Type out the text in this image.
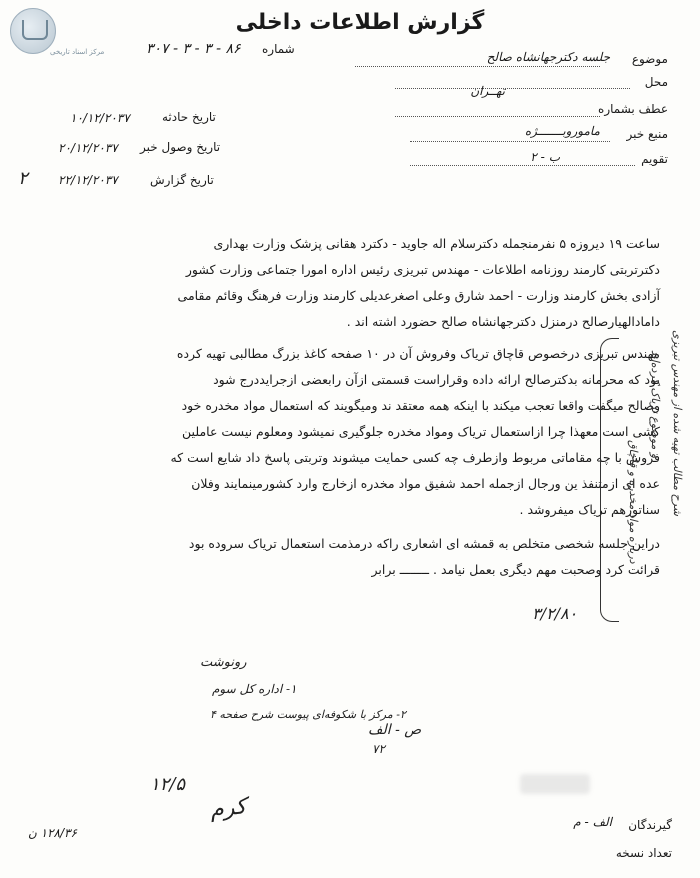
مرکز اسناد تاریخی
گزارش اطلاعات داخلی
شماره
۳۰۷ - ۳ - ۳ - ۸۶
موضوع
جلسه دکترجهانشاه صالح
محل
تهــران
عطف بشماره
منبع خبر
ماموروبـــــــژه
تقویم
ب - ۲
تاریخ حادثه
۱۰/۱۲/۲۰۳۷
تاریخ وصول خبر
۲۰/۱۲/۲۰۳۷
تاریخ گزارش
۲۲/۱۲/۲۰۳۷
۲
ساعت ۱۹ دیروزه ۵ نفرمنجمله دکترسلام اله جاوید - دکترد هقانی پزشک وزارت بهداری
دکترتربتی کارمند روزنامه اطلاعات - مهندس تبریزی رئیس اداره امورا جتماعی وزارت کشور
آزادی بخش کارمند وزارت - احمد شارق وعلی اصغرعدیلی کارمند وزارت فرهنگ وقائم مقامی
دامادالهیارصالح درمنزل دکترجهانشاه صالح حضورد اشته اند .
مهندس تبریزی درخصوص قاچاق تریاک وفروش آن در ۱۰ صفحه کاغذ بزرگ مطالبی تهیه کرده
بود که محرمانه بدکترصالح ارائه داده وقراراست قسمتی ازآن رابعضی ازجرایددرج شود
وصالح میگفت واقعا تعجب میکند با اینکه همه معتقد ند ومیگویند که استعمال مواد مخدره خود
کشی است معهذا چرا ازاستعمال تریاک ومواد مخدره جلوگیری نمیشود ومعلوم نیست عاملین
فروش با چه مقاماتی مربوط وازطرف چه کسی حمایت میشوند وتربتی پاسخ داد شایع است که
عده ای ازمتنفذ ین ورجال ازجمله احمد شفیق مواد مخدره ازخارج وارد کشورمینمایند وفلان
سناتورهم تریاک میفروشد .
دراین جلسه شخصی متخلص به قمشه ای اشعاری راکه درمذمت استعمال تریاک سروده بود
قرائت کرد وصحبت مهم دیگری بعمل نیامد . ــــــــ برابر
شرح مطالب تهیه شده از مهندس تبریزی
و موضوع تریاک کرده‌اند
درباره مواد مخدره و قاچاق
۳/۲/۸۰
رونوشت
۱- اداره کل سوم
۲- مرکز با شکوفه‌ای پیوست شرح صفحه ۴
ص - الف
۷۲
۱۲/۵
کرم
گیرندگان
الف - م
تعداد نسخه
۱۲۸/۳۶ ن
